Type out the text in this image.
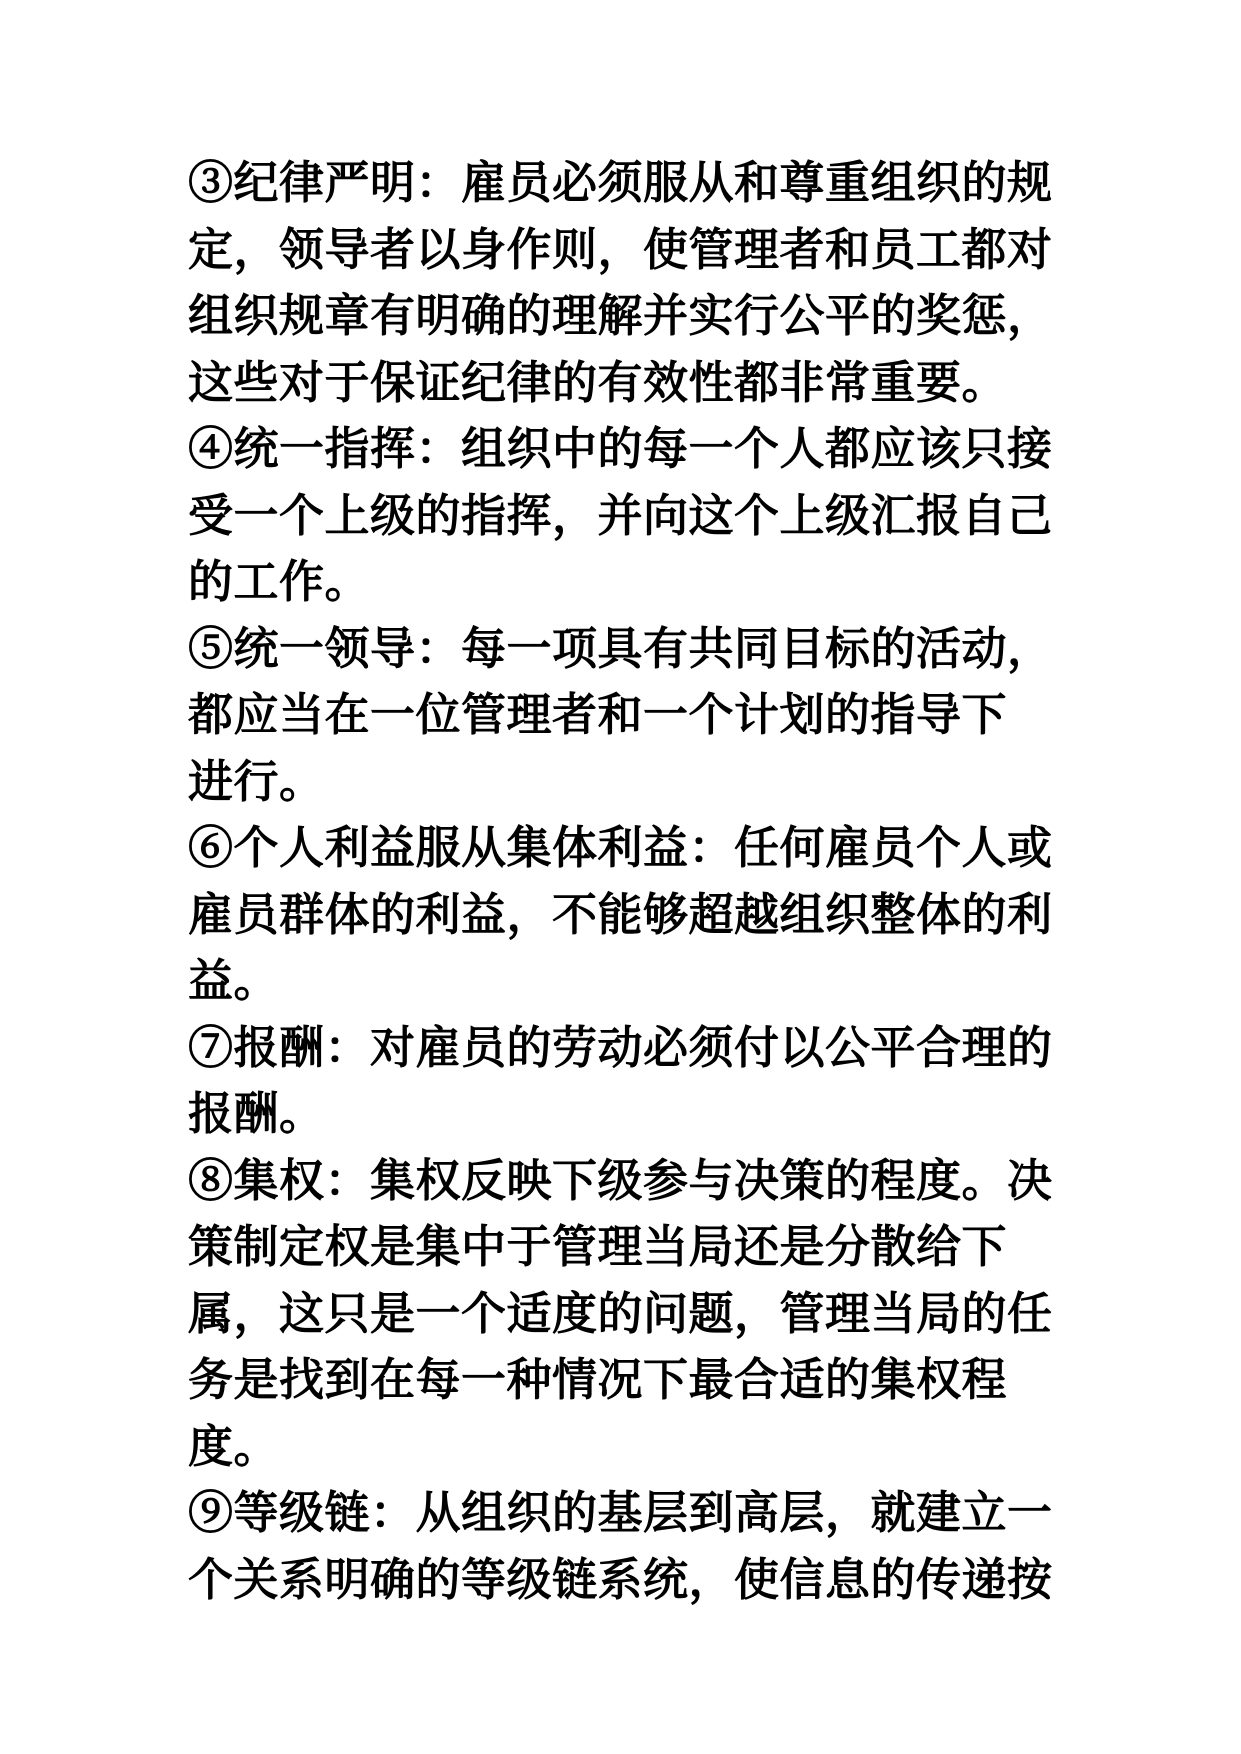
③纪律严明：雇员必须服从和尊重组织的规
定，领导者以身作则，使管理者和员工都对
组织规章有明确的理解并实行公平的奖惩，
这些对于保证纪律的有效性都非常重要。

④统一指挥：组织中的每一个人都应该只接
受一个上级的指挥，并向这个上级汇报自己
的工作。

⑤统一领导：每一项具有共同目标的活动，
都应当在一位管理者和一个计划的指导下
进行。

⑥个人利益服从集体利益：任何雇员个人或
雇员群体的利益，不能够超越组织整体的利
益。

⑦报酬：对雇员的劳动必须付以公平合理的
报酬。

⑧集权：集权反映下级参与决策的程度。决
策制定权是集中于管理当局还是分散给下
属，这只是一个适度的问题，管理当局的任
务是找到在每一种情况下最合适的集权程
度。

⑨等级链：从组织的基层到高层，就建立一
个关系明确的等级链系统，使信息的传递按
